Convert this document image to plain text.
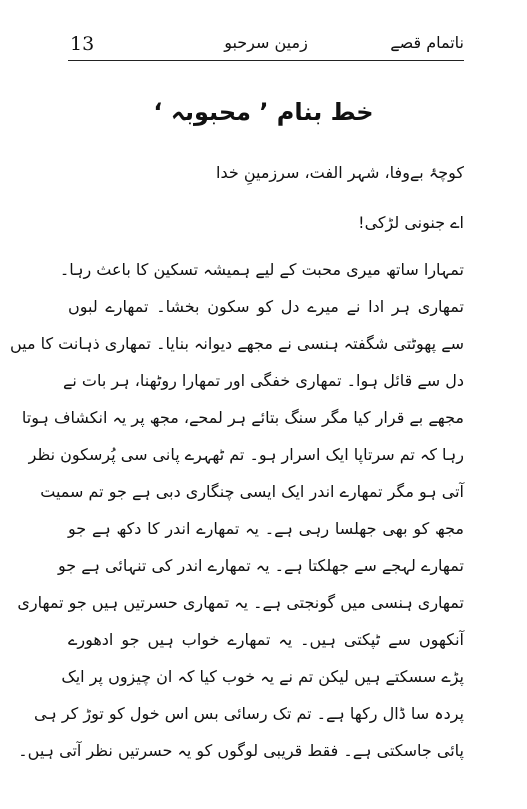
13	زمین سرحبو	ناتمام قصے
خط بنام ’ محبوبہ ‘
کوچۂ بےوفا، شہر الفت، سرزمینِ خدا
اے جنونی لڑکی!
تمہارا ساتھ میری محبت کے لیے ہمیشہ تسکین کا باعث رہا۔
تمھاری ہر ادا نے میرے دل کو سکون بخشا۔ تمھارے لبوں
سے پھوٹتی شگفتہ ہنسی نے مجھے دیوانہ بنایا۔ تمھاری ذہانت کا میں
دل سے قائل ہوا۔ تمھاری خفگی اور تمھارا روٹھنا، ہر بات نے
مجھے بے قرار کیا مگر سنگ بتائے ہر لمحے، مجھ پر یہ انکشاف ہوتا
رہا کہ تم سرتاپا ایک اسرار ہو۔ تم ٹھہرے پانی سی پُرسکون نظر
آتی ہو مگر تمھارے اندر ایک ایسی چنگاری دبی ہے جو تم سمیت
مجھ کو بھی جھلسا رہی ہے۔ یہ تمھارے اندر کا دکھ ہے جو
تمھارے لہجے سے جھلکتا ہے۔ یہ تمھارے اندر کی تنہائی ہے جو
تمھاری ہنسی میں گونجتی ہے۔ یہ تمھاری حسرتیں ہیں جو تمھاری
آنکھوں سے ٹپکتی ہیں۔ یہ تمھارے خواب ہیں جو ادھورے
پڑے سسکتے ہیں لیکن تم نے یہ خوب کیا کہ ان چیزوں پر ایک
پردہ سا ڈال رکھا ہے۔ تم تک رسائی بس اس خول کو توڑ کر ہی
پائی جاسکتی ہے۔ فقط قریبی لوگوں کو یہ حسرتیں نظر آتی ہیں۔
